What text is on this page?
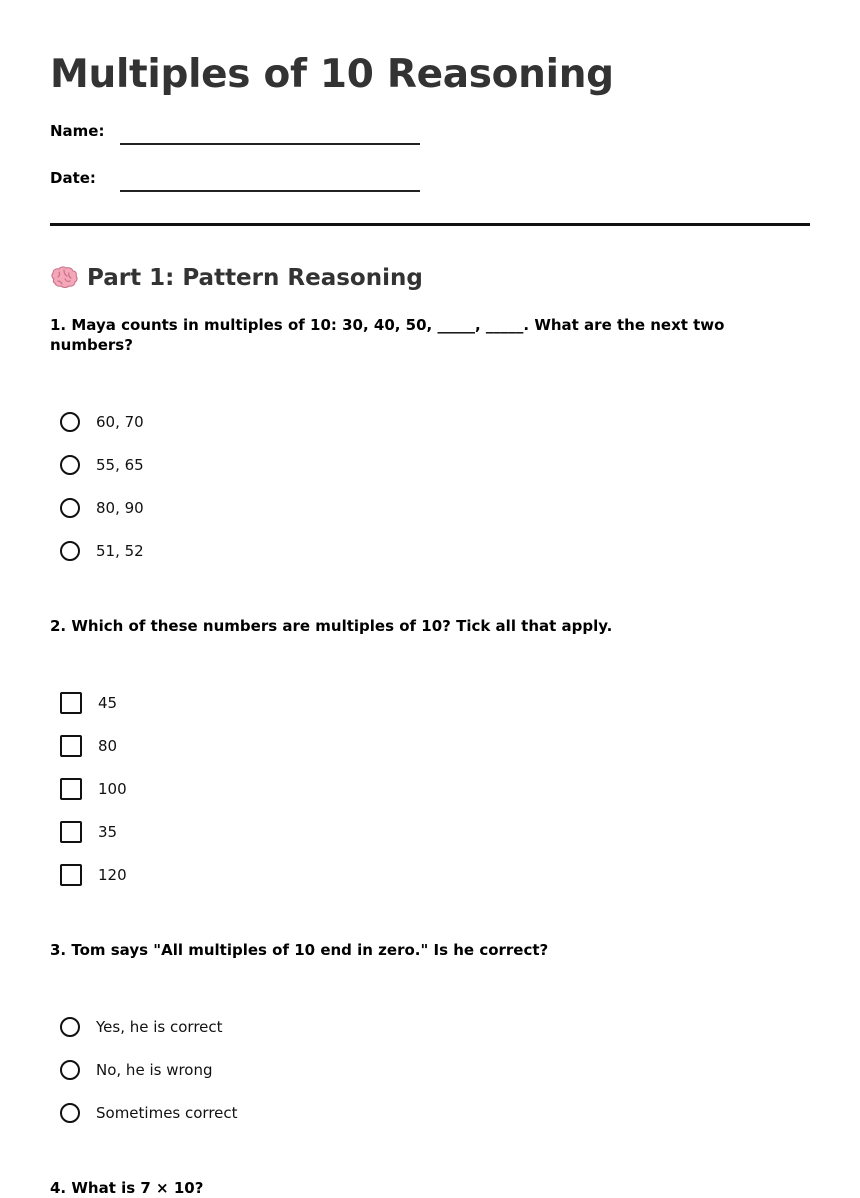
Multiples of 10 Reasoning
Name:
Date:
Part 1: Pattern Reasoning

1. Maya counts in multiples of 10: 30, 40, 50, _____, _____. What are the next two numbers?

60, 70
55, 65
80, 90
51, 52

2. Which of these numbers are multiples of 10? Tick all that apply.

45
80
100
35
120

3. Tom says "All multiples of 10 end in zero." Is he correct?

Yes, he is correct
No, he is wrong
Sometimes correct

4. What is 7 × 10?
